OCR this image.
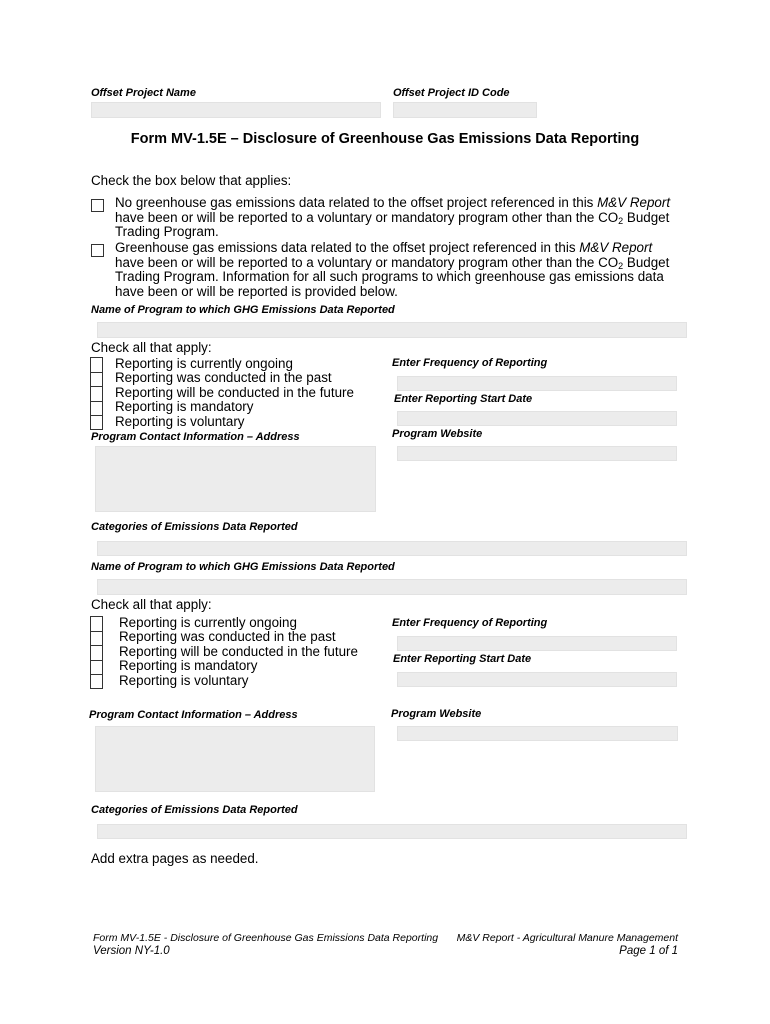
Offset Project Name	Offset Project ID Code
Form MV-1.5E – Disclosure of Greenhouse Gas Emissions Data Reporting
Check the box below that applies:
No greenhouse gas emissions data related to the offset project referenced in this M&V Report have been or will be reported to a voluntary or mandatory program other than the $CO_2$ Budget Trading Program.
Greenhouse gas emissions data related to the offset project referenced in this M&V Report have been or will be reported to a voluntary or mandatory program other than the $CO_2$ Budget Trading Program. Information for all such programs to which greenhouse gas emissions data have been or will be reported is provided below.
Name of Program to which GHG Emissions Data Reported
Check all that apply:
Reporting is currently ongoing
Reporting was conducted in the past
Reporting will be conducted in the future
Reporting is mandatory
Reporting is voluntary
Enter Frequency of Reporting
Enter Reporting Start Date
Program Contact Information – Address	Program Website
Categories of Emissions Data Reported
Name of Program to which GHG Emissions Data Reported
Check all that apply:
Reporting is currently ongoing
Reporting was conducted in the past
Reporting will be conducted in the future
Reporting is mandatory
Reporting is voluntary
Enter Frequency of Reporting
Enter Reporting Start Date
Program Contact Information – Address	Program Website
Categories of Emissions Data Reported
Add extra pages as needed.
Form MV-1.5E - Disclosure of Greenhouse Gas Emissions Data Reporting
Version NY-1.0
M&V Report - Agricultural Manure Management
Page 1 of 1
